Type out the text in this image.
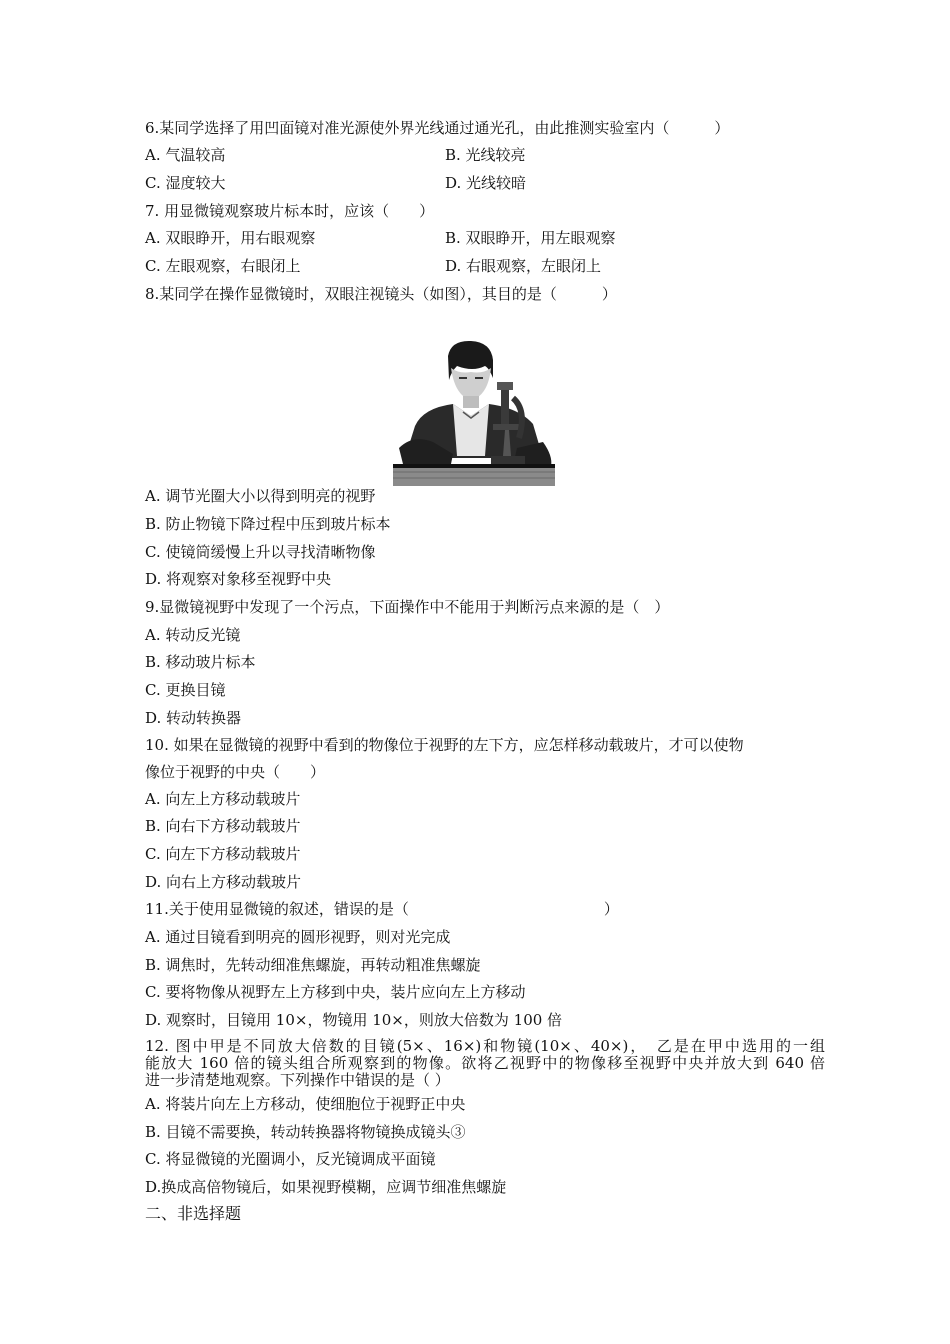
6.某同学选择了用凹面镜对准光源使外界光线通过通光孔，由此推测实验室内（　　　）
A. 气温较高	B. 光线较亮
C. 湿度较大	D. 光线较暗
7. 用显微镜观察玻片标本时，应该（　　）
A. 双眼睁开，用右眼观察	B. 双眼睁开，用左眼观察
C. 左眼观察，右眼闭上	D. 右眼观察，左眼闭上
8.某同学在操作显微镜时，双眼注视镜头（如图），其目的是（　　　）
A. 调节光圈大小以得到明亮的视野
B. 防止物镜下降过程中压到玻片标本
C. 使镜筒缓慢上升以寻找清晰物像
D. 将观察对象移至视野中央
9.显微镜视野中发现了一个污点，下面操作中不能用于判断污点来源的是（　）
A. 转动反光镜
B. 移动玻片标本
C. 更换目镜
D. 转动转换器
10. 如果在显微镜的视野中看到的物像位于视野的左下方，应怎样移动载玻片，才可以使物
像位于视野的中央（　　）
A. 向左上方移动载玻片
B. 向右下方移动载玻片
C. 向左下方移动载玻片
D. 向右上方移动载玻片
11.关于使用显微镜的叙述，错误的是（　　　　　　　　　　　　　）
A. 通过目镜看到明亮的圆形视野，则对光完成
B. 调焦时，先转动细准焦螺旋，再转动粗准焦螺旋
C. 要将物像从视野左上方移到中央，装片应向左上方移动
D. 观察时，目镜用 10×，物镜用 10×，则放大倍数为 100 倍
12. 图中甲是不同放大倍数的目镜(5×、16×)和物镜(10×、40×)，　乙是在甲中选用的一组
能放大 160 倍的镜头组合所观察到的物像。欲将乙视野中的物像移至视野中央并放大到 640 倍
进一步清楚地观察。下列操作中错误的是（ ）
A. 将装片向左上方移动，使细胞位于视野正中央
B. 目镜不需要换，转动转换器将物镜换成镜头③
C. 将显微镜的光圈调小，反光镜调成平面镜
D.换成高倍物镜后，如果视野模糊，应调节细准焦螺旋
二、非选择题
